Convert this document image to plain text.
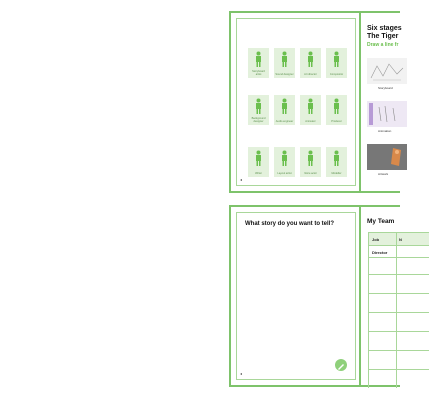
Storyboard artist	Sound designer	Art director	Compositor
Background designer	Audio engineer	Animator	Producer
Writer	Layout artist	Voice actor	Modeller
◂
Six stages
The Tiger
Draw a line fr
Storyboard
Animation
Artwork
What story do you want to tell?
◂
My Team
Job	N
Director
